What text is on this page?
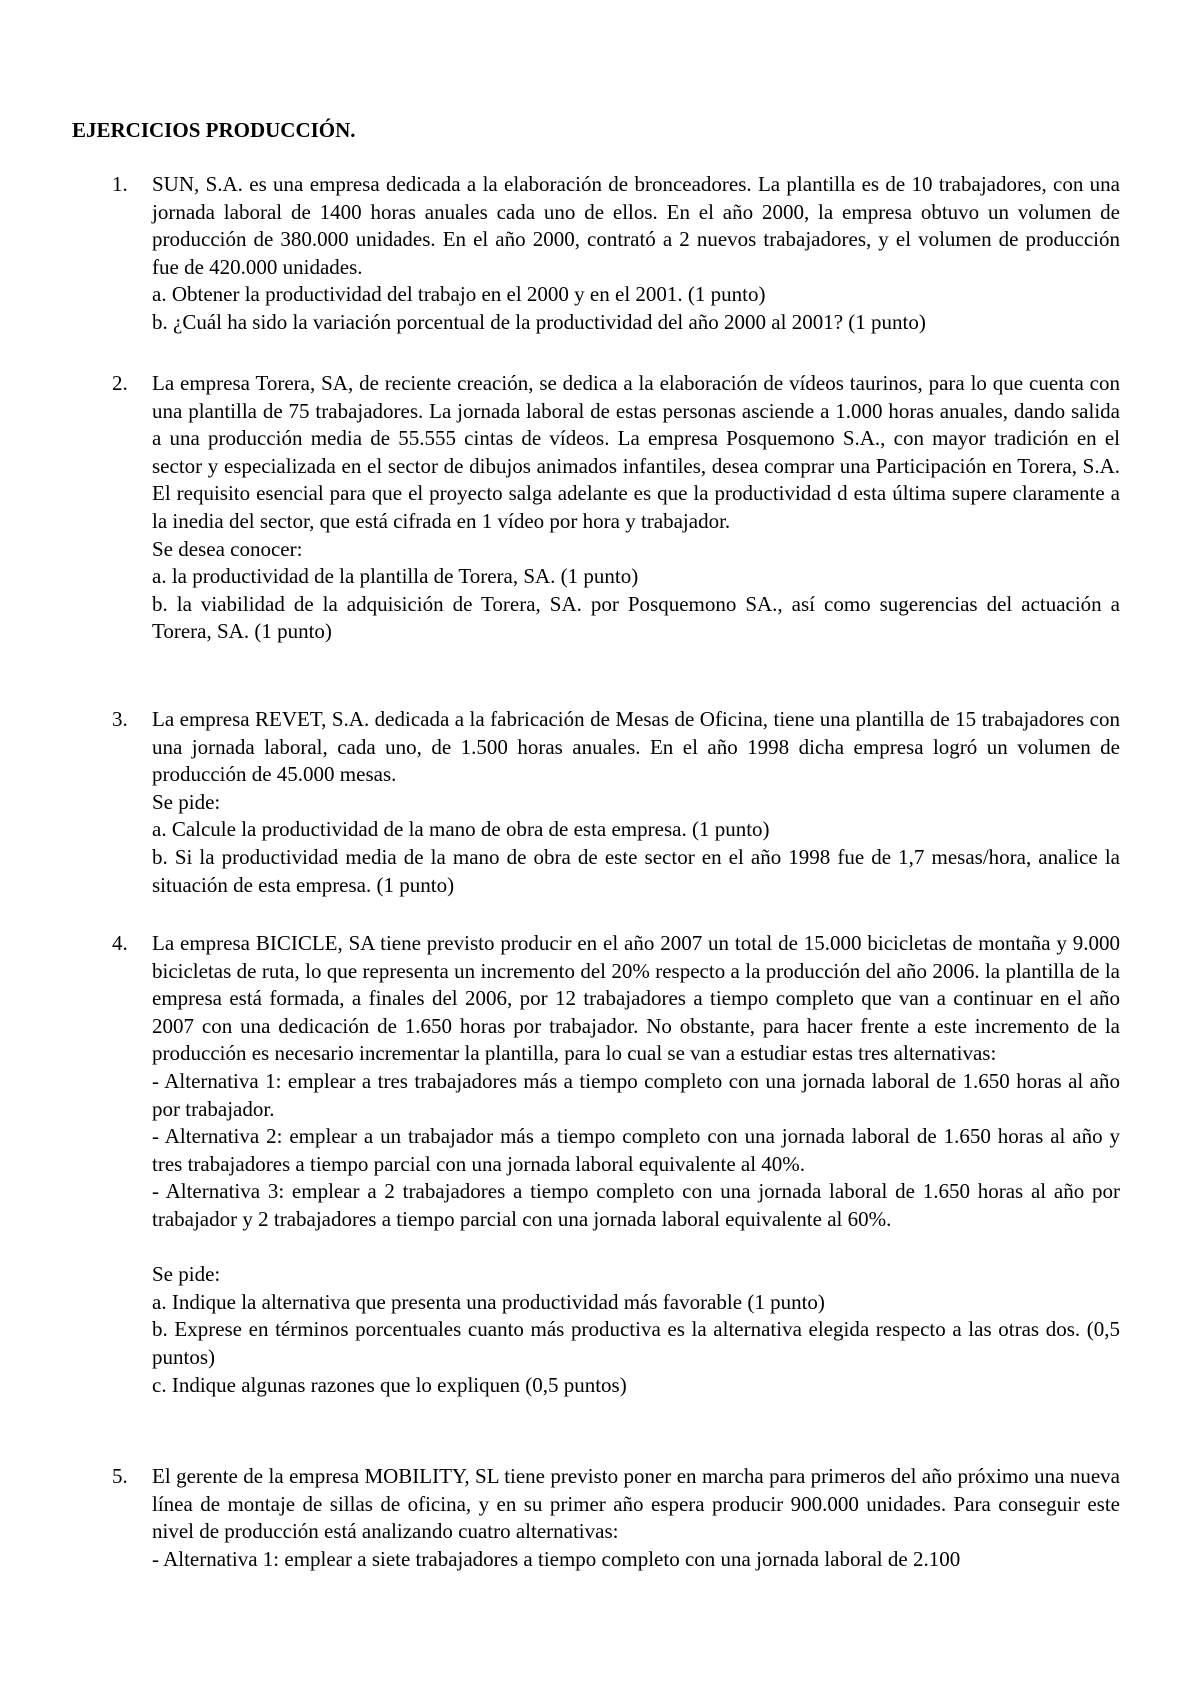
EJERCICIOS PRODUCCIÓN.
1.	SUN, S.A. es una empresa dedicada a la elaboración de bronceadores. La plantilla es de 10 trabajadores, con una jornada laboral de 1400 horas anuales cada uno de ellos. En el año 2000, la empresa obtuvo un volumen de producción de 380.000 unidades. En el año 2000, contrató a 2 nuevos trabajadores, y el volumen de producción fue de 420.000 unidades.

a. Obtener la productividad del trabajo en el 2000 y en el 2001. (1 punto)

b. ¿Cuál ha sido la variación porcentual de la productividad del año 2000 al 2001? (1 punto)

2.	La empresa Torera, SA, de reciente creación, se dedica a la elaboración de vídeos taurinos, para lo que cuenta con una plantilla de 75 trabajadores. La jornada laboral de estas personas asciende a 1.000 horas anuales, dando salida a una producción media de 55.555 cintas de vídeos. La empresa Posquemono S.A., con mayor tradición en el sector y especializada en el sector de dibujos animados infantiles, desea comprar una Participación en Torera, S.A. El requisito esencial para que el proyecto salga adelante es que la productividad d esta última supere claramente a la inedia del sector, que está cifrada en 1 vídeo por hora y trabajador.

Se desea conocer:

a. la productividad de la plantilla de Torera, SA. (1 punto)

b. la viabilidad de la adquisición de Torera, SA. por Posquemono SA., así como sugerencias del actuación a Torera, SA. (1 punto)

3.	La empresa REVET, S.A. dedicada a la fabricación de Mesas de Oficina, tiene una plantilla de 15 trabajadores con una jornada laboral, cada uno, de 1.500 horas anuales. En el año 1998 dicha empresa logró un volumen de producción de 45.000 mesas.

Se pide:

a. Calcule la productividad de la mano de obra de esta empresa. (1 punto)

b. Si la productividad media de la mano de obra de este sector en el año 1998 fue de 1,7 mesas/hora, analice la situación de esta empresa. (1 punto)

4.	La empresa BICICLE, SA tiene previsto producir en el año 2007 un total de 15.000 bicicletas de montaña y 9.000 bicicletas de ruta, lo que representa un incremento del 20% respecto a la producción del año 2006. la plantilla de la empresa está formada, a finales del 2006, por 12 trabajadores a tiempo completo que van a continuar en el año 2007 con una dedicación de 1.650 horas por trabajador. No obstante, para hacer frente a este incremento de la producción es necesario incrementar la plantilla, para lo cual se van a estudiar estas tres alternativas:

- Alternativa 1: emplear a tres trabajadores más a tiempo completo con una jornada laboral de 1.650 horas al año por trabajador.

- Alternativa 2: emplear a un trabajador más a tiempo completo con una jornada laboral de 1.650 horas al año y tres trabajadores a tiempo parcial con una jornada laboral equivalente al 40%.

- Alternativa 3: emplear a 2 trabajadores a tiempo completo con una jornada laboral de 1.650 horas al año por trabajador y 2 trabajadores a tiempo parcial con una jornada laboral equivalente al 60%.

Se pide:

a. Indique la alternativa que presenta una productividad más favorable (1 punto)

b. Exprese en términos porcentuales cuanto más productiva es la alternativa elegida respecto a las otras dos. (0,5 puntos)

c. Indique algunas razones que lo expliquen (0,5 puntos)

5.	El gerente de la empresa MOBILITY, SL tiene previsto poner en marcha para primeros del año próximo una nueva línea de montaje de sillas de oficina, y en su primer año espera producir 900.000 unidades. Para conseguir este nivel de producción está analizando cuatro alternativas:

- Alternativa 1: emplear a siete trabajadores a tiempo completo con una jornada laboral de 2.100
